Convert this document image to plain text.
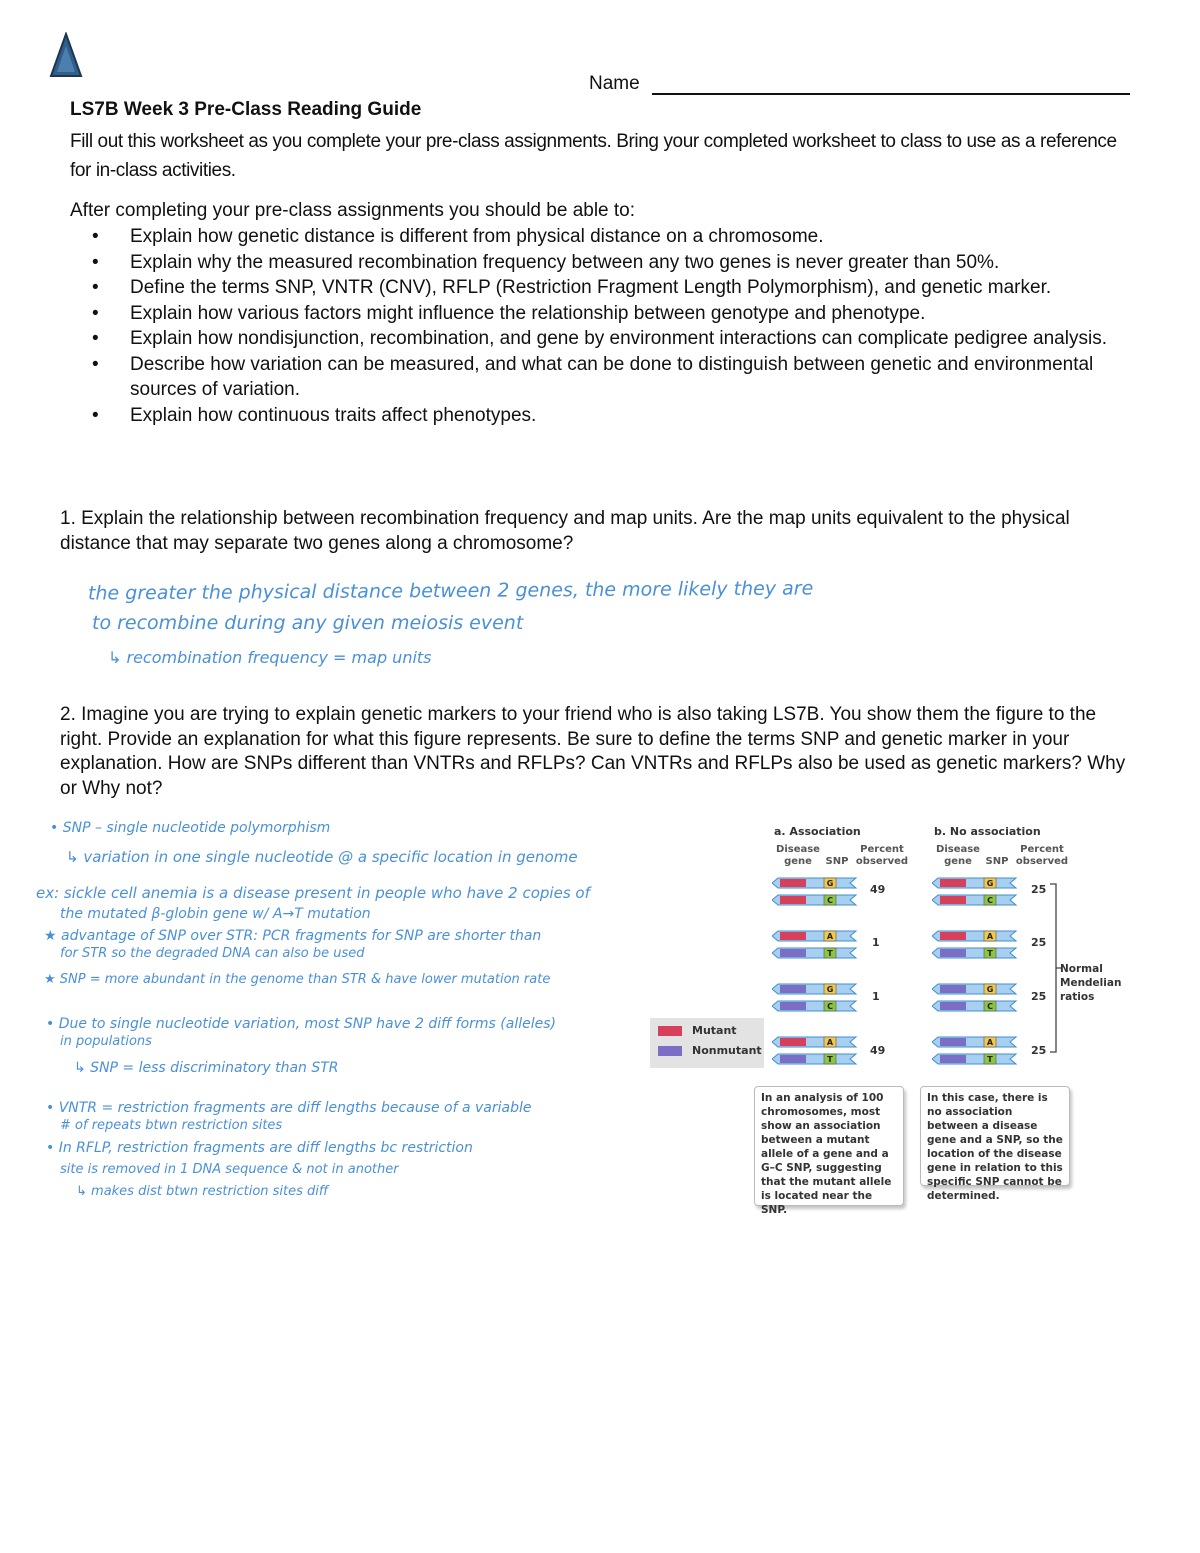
Name
LS7B Week 3 Pre-Class Reading Guide
Fill out this worksheet as you complete your pre-class assignments. Bring your completed worksheet to class to use as a reference for in-class activities.
After completing your pre-class assignments you should be able to:
• Explain how genetic distance is different from physical distance on a chromosome.
• Explain why the measured recombination frequency between any two genes is never greater than 50%.
• Define the terms SNP, VNTR (CNV), RFLP (Restriction Fragment Length Polymorphism), and genetic marker.
• Explain how various factors might influence the relationship between genotype and phenotype.
• Explain how nondisjunction, recombination, and gene by environment interactions can complicate pedigree analysis.
• Describe how variation can be measured, and what can be done to distinguish between genetic and environmental sources of variation.
• Explain how continuous traits affect phenotypes.
1. Explain the relationship between recombination frequency and map units. Are the map units equivalent to the physical distance that may separate two genes along a chromosome?
the greater the physical distance between 2 genes, the more likely they are
to recombine during any given meiosis event
↳ recombination frequency = map units
2. Imagine you are trying to explain genetic markers to your friend who is also taking LS7B. You show them the figure to the right. Provide an explanation for what this figure represents. Be sure to define the terms SNP and genetic marker in your explanation. How are SNPs different than VNTRs and RFLPs? Can VNTRs and RFLPs also be used as genetic markers? Why or Why not?
• SNP – single nucleotide polymorphism
↳ variation in one single nucleotide @ a specific location in genome
ex: sickle cell anemia is a disease present in people who have 2 copies of
the mutated β-globin gene w/ A→T mutation
★ advantage of SNP over STR: PCR fragments for SNP are shorter than
for STR so the degraded DNA can also be used
★ SNP = more abundant in the genome than STR & have lower mutation rate
• Due to single nucleotide variation, most SNP have 2 diff forms (alleles)
in populations
↳ SNP = less discriminatory than STR
• VNTR = restriction fragments are diff lengths because of a variable
# of repeats btwn restriction sites
• In RFLP, restriction fragments are diff lengths bc restriction
site is removed in 1 DNA sequence & not in another
↳ makes dist btwn restriction sites diff
a. Association
Disease
gene	SNP
Percent
observed
b. No association
Disease
gene	SNP
Percent
observed
G
C
A
T
G
C
A
T
G
C
A
T
G
C
A
T
49
1
1
49
25
25
25
25
Normal
Mendelian
ratios
Mutant
Nonmutant
In an analysis of 100 chromosomes, most show an association between a mutant allele of a gene and a G–C SNP, suggesting that the mutant allele is located near the SNP.
In this case, there is no association between a disease gene and a SNP, so the location of the disease gene in relation to this specific SNP cannot be determined.
